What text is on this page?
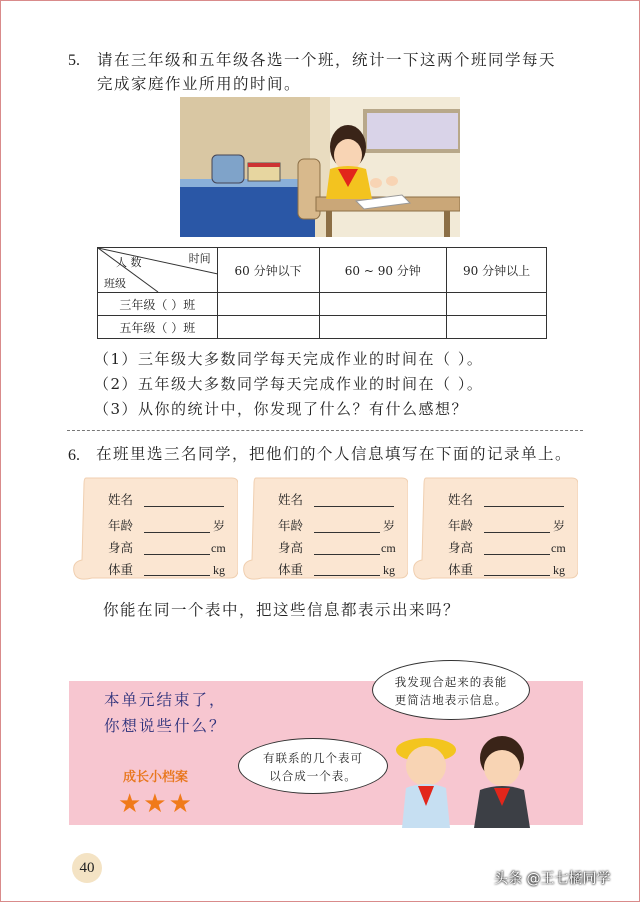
5. 请在三年级和五年级各选一个班，统计一下这两个班同学每天
完成家庭作业所用的时间。
时间
人 数
班级	60 分钟以下	60 ~ 90 分钟	90 分钟以上
三年级（ ）班			
五年级（ ）班			
（1）三年级大多数同学每天完成作业的时间在（ ）。
（2）五年级大多数同学每天完成作业的时间在（ ）。
（3）从你的统计中，你发现了什么？有什么感想？
6. 在班里选三名同学，把他们的个人信息填写在下面的记录单上。
姓名
年龄	岁
身高	cm
体重	kg
姓名
年龄	岁
身高	cm
体重	kg
姓名
年龄	岁
身高	cm
体重	kg
你能在同一个表中，把这些信息都表示出来吗？
本单元结束了，
你想说些什么？
成长小档案
★★★
我发现合起来的表能
更简洁地表示信息。
有联系的几个表可
以合成一个表。
40
头条 @王七橘同学
